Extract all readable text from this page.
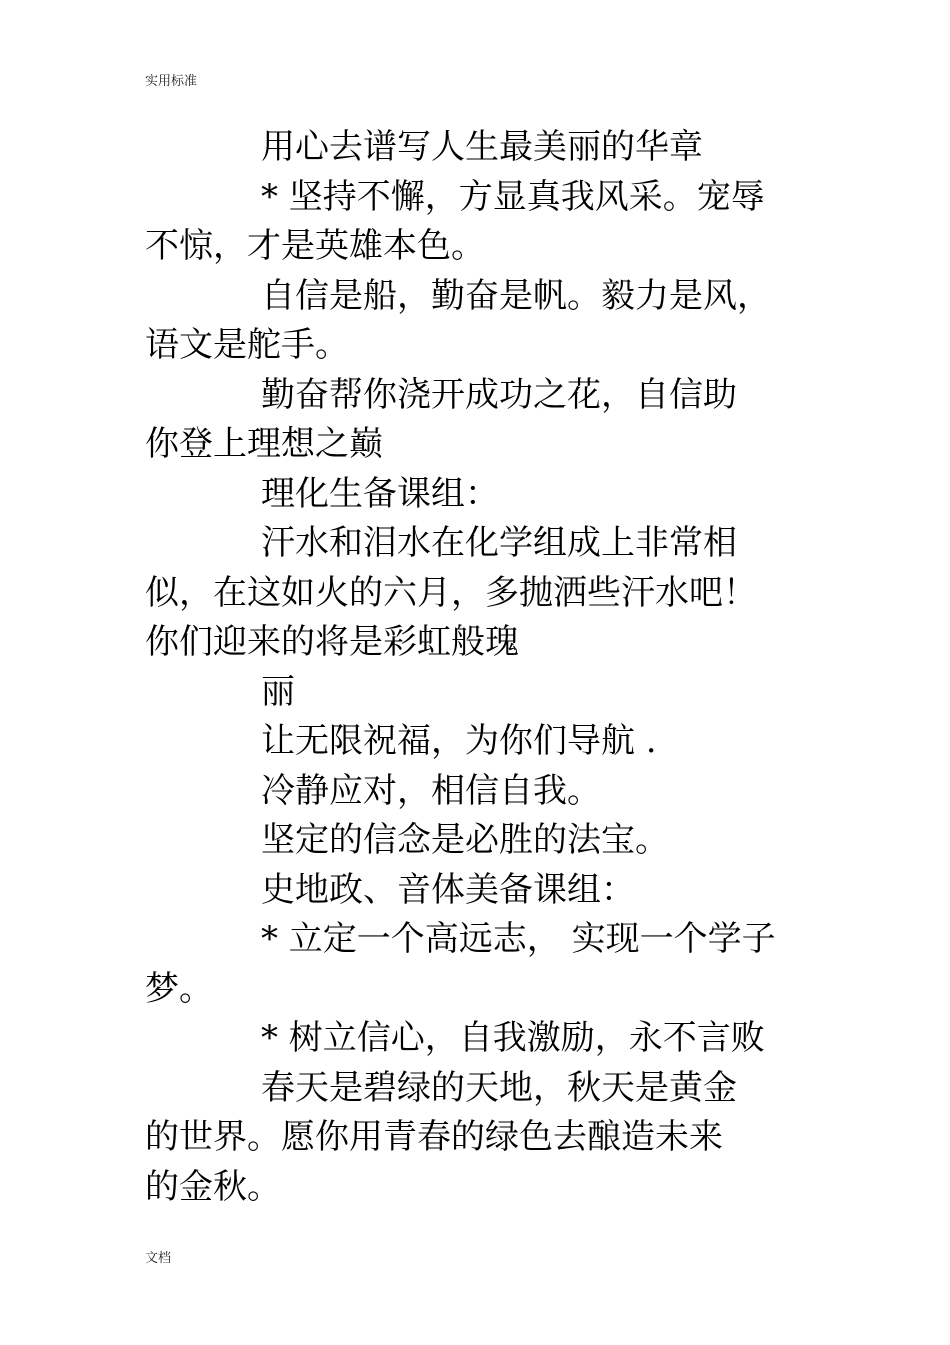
实用标准
用心去谱写人生最美丽的华章
* 坚持不懈，方显真我风采。宠辱
不惊，才是英雄本色。
自信是船，勤奋是帆。毅力是风，
语文是舵手。
勤奋帮你浇开成功之花，自信助
你登上理想之巅
理化生备课组：
汗水和泪水在化学组成上非常相
似，在这如火的六月，多抛洒些汗水吧！
你们迎来的将是彩虹般瑰
丽
让无限祝福，为你们导航 .
冷静应对，相信自我。
坚定的信念是必胜的法宝。
史地政、音体美备课组：
* 立定一个高远志， 实现一个学子
梦。
* 树立信心，自我激励，永不言败
春天是碧绿的天地，秋天是黄金
的世界。愿你用青春的绿色去酿造未来
的金秋。
文档
